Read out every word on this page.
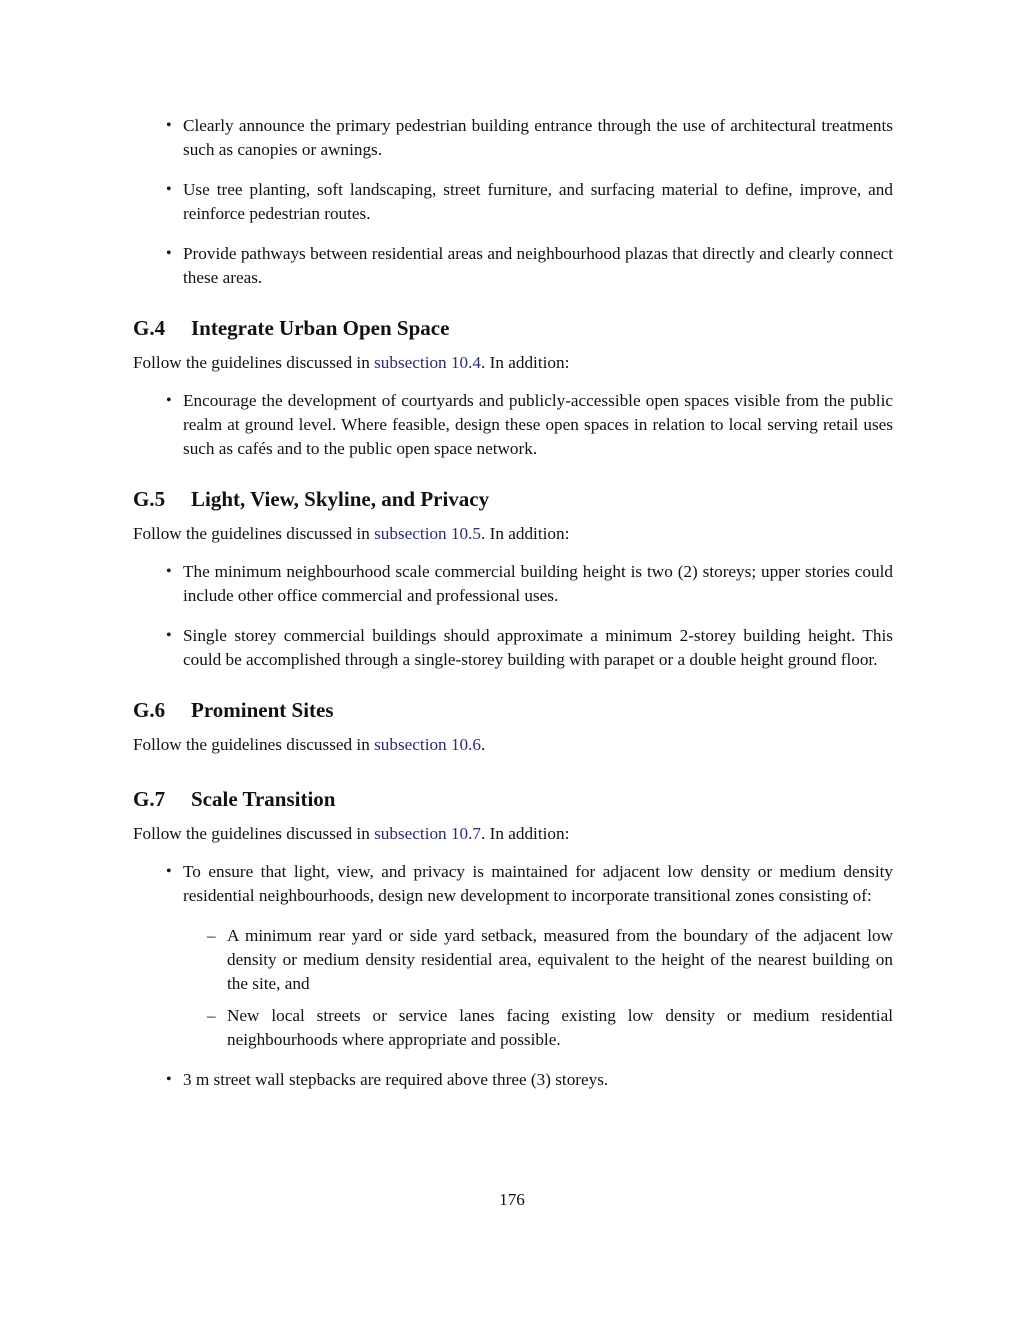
• Clearly announce the primary pedestrian building entrance through the use of architectural treatments such as canopies or awnings.
• Use tree planting, soft landscaping, street furniture, and surfacing material to define, improve, and reinforce pedestrian routes.
• Provide pathways between residential areas and neighbourhood plazas that directly and clearly connect these areas.
G.4	Integrate Urban Open Space

Follow the guidelines discussed in subsection 10.4. In addition:

• Encourage the development of courtyards and publicly-accessible open spaces visible from the public realm at ground level. Where feasible, design these open spaces in relation to local serving retail uses such as cafés and to the public open space network.
G.5	Light, View, Skyline, and Privacy

Follow the guidelines discussed in subsection 10.5. In addition:

• The minimum neighbourhood scale commercial building height is two (2) storeys; upper stories could include other office commercial and professional uses.
• Single storey commercial buildings should approximate a minimum 2-storey building height. This could be accomplished through a single-storey building with parapet or a double height ground floor.
G.6	Prominent Sites

Follow the guidelines discussed in subsection 10.6.

G.7	Scale Transition

Follow the guidelines discussed in subsection 10.7. In addition:

• To ensure that light, view, and privacy is maintained for adjacent low density or medium density residential neighbourhoods, design new development to incorporate transitional zones consisting of:
– A minimum rear yard or side yard setback, measured from the boundary of the adjacent low density or medium density residential area, equivalent to the height of the nearest building on the site, and
– New local streets or service lanes facing existing low density or medium residential neighbourhoods where appropriate and possible.
• 3 m street wall stepbacks are required above three (3) storeys.
176
